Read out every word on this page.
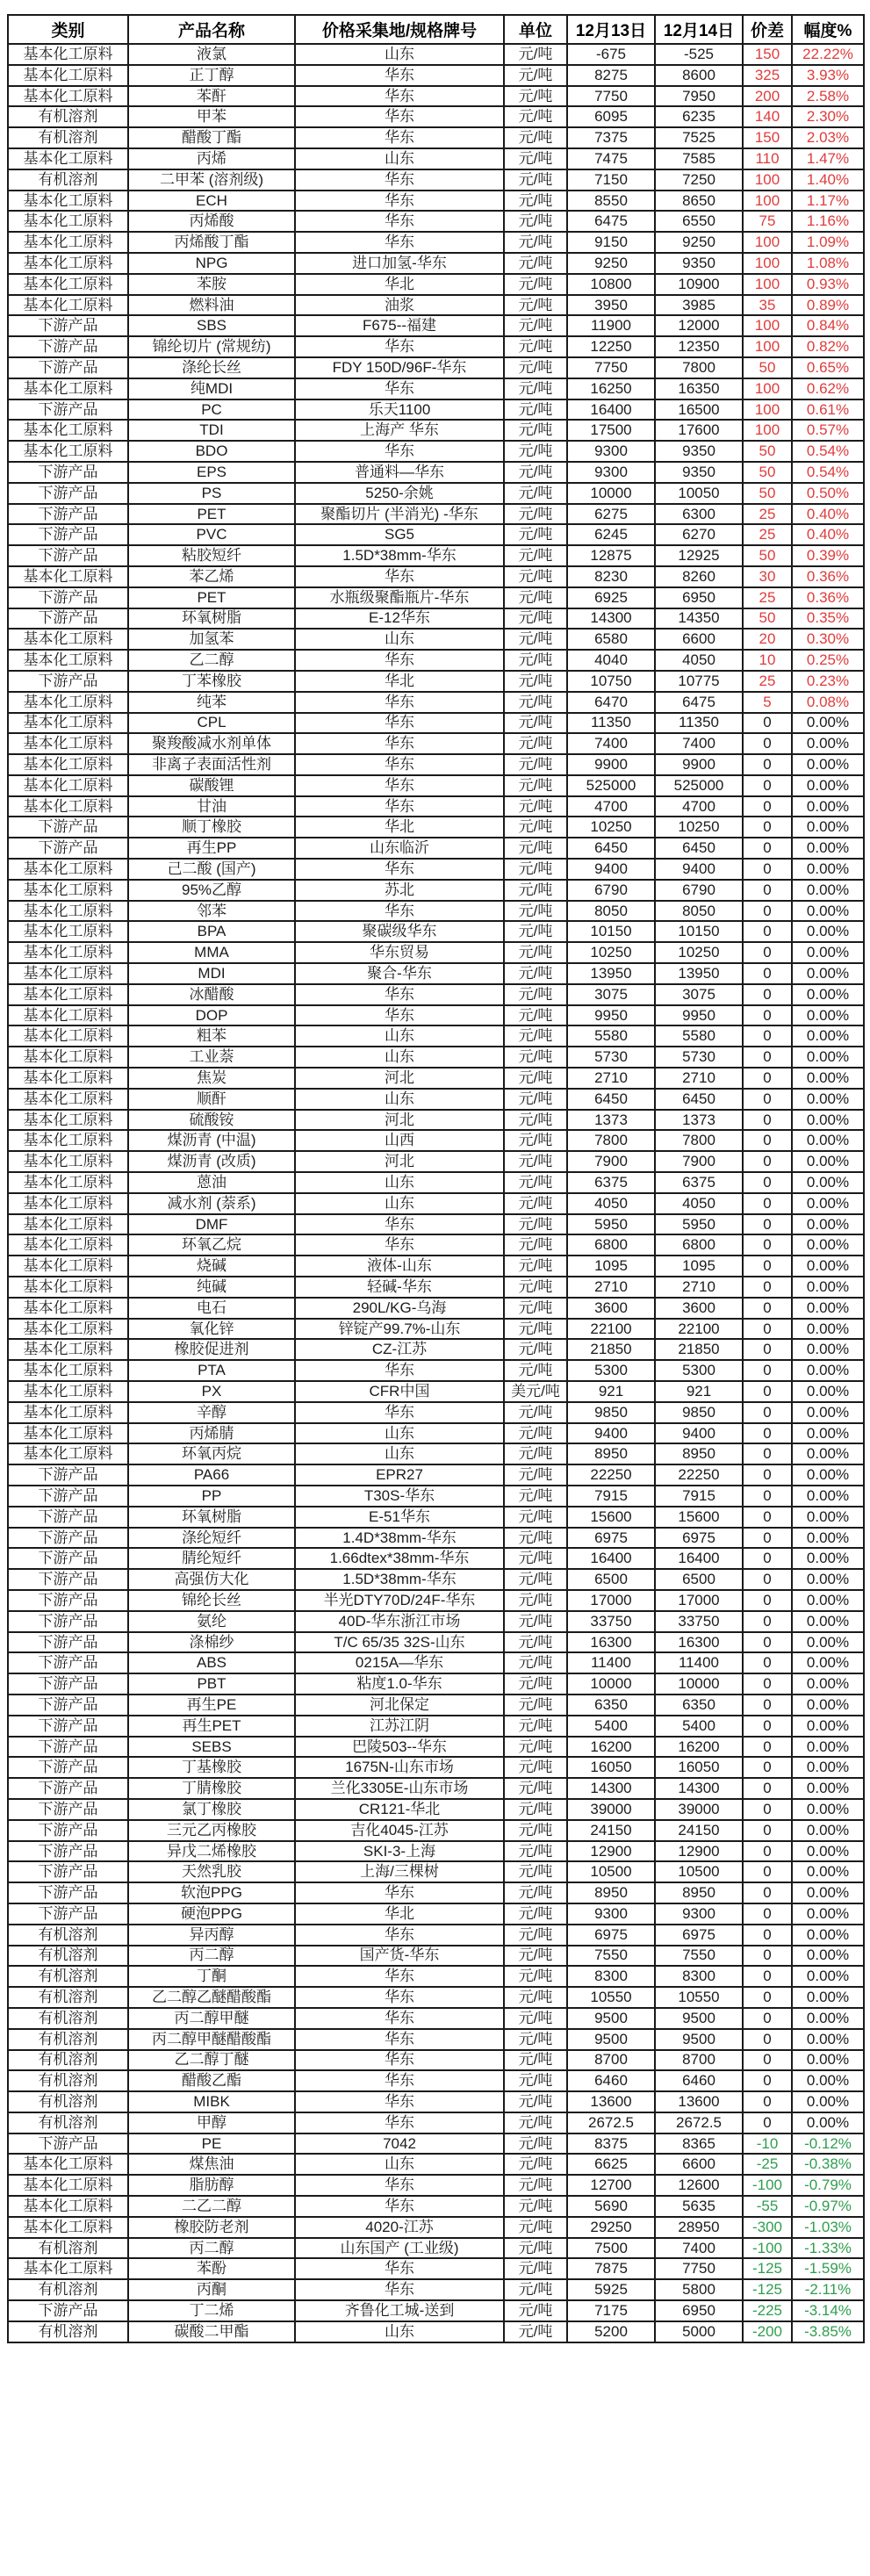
类别	产品名称	价格采集地/规格牌号	单位	12月13日	12月14日	价差	幅度%
基本化工原料	液氯	山东	元/吨	-675	-525	150	22.22%
基本化工原料	正丁醇	华东	元/吨	8275	8600	325	3.93%
基本化工原料	苯酐	华东	元/吨	7750	7950	200	2.58%
有机溶剂	甲苯	华东	元/吨	6095	6235	140	2.30%
有机溶剂	醋酸丁酯	华东	元/吨	7375	7525	150	2.03%
基本化工原料	丙烯	山东	元/吨	7475	7585	110	1.47%
有机溶剂	二甲苯 (溶剂级)	华东	元/吨	7150	7250	100	1.40%
基本化工原料	ECH	华东	元/吨	8550	8650	100	1.17%
基本化工原料	丙烯酸	华东	元/吨	6475	6550	75	1.16%
基本化工原料	丙烯酸丁酯	华东	元/吨	9150	9250	100	1.09%
基本化工原料	NPG	进口加氢-华东	元/吨	9250	9350	100	1.08%
基本化工原料	苯胺	华北	元/吨	10800	10900	100	0.93%
基本化工原料	燃料油	油浆	元/吨	3950	3985	35	0.89%
下游产品	SBS	F675--福建	元/吨	11900	12000	100	0.84%
下游产品	锦纶切片 (常规纺)	华东	元/吨	12250	12350	100	0.82%
下游产品	涤纶长丝	FDY 150D/96F-华东	元/吨	7750	7800	50	0.65%
基本化工原料	纯MDI	华东	元/吨	16250	16350	100	0.62%
下游产品	PC	乐天1100	元/吨	16400	16500	100	0.61%
基本化工原料	TDI	上海产 华东	元/吨	17500	17600	100	0.57%
基本化工原料	BDO	华东	元/吨	9300	9350	50	0.54%
下游产品	EPS	普通料—华东	元/吨	9300	9350	50	0.54%
下游产品	PS	5250-余姚	元/吨	10000	10050	50	0.50%
下游产品	PET	聚酯切片 (半消光) -华东	元/吨	6275	6300	25	0.40%
下游产品	PVC	SG5	元/吨	6245	6270	25	0.40%
下游产品	粘胶短纤	1.5D*38mm-华东	元/吨	12875	12925	50	0.39%
基本化工原料	苯乙烯	华东	元/吨	8230	8260	30	0.36%
下游产品	PET	水瓶级聚酯瓶片-华东	元/吨	6925	6950	25	0.36%
下游产品	环氧树脂	E-12华东	元/吨	14300	14350	50	0.35%
基本化工原料	加氢苯	山东	元/吨	6580	6600	20	0.30%
基本化工原料	乙二醇	华东	元/吨	4040	4050	10	0.25%
下游产品	丁苯橡胶	华北	元/吨	10750	10775	25	0.23%
基本化工原料	纯苯	华东	元/吨	6470	6475	5	0.08%
基本化工原料	CPL	华东	元/吨	11350	11350	0	0.00%
基本化工原料	聚羧酸减水剂单体	华东	元/吨	7400	7400	0	0.00%
基本化工原料	非离子表面活性剂	华东	元/吨	9900	9900	0	0.00%
基本化工原料	碳酸锂	华东	元/吨	525000	525000	0	0.00%
基本化工原料	甘油	华东	元/吨	4700	4700	0	0.00%
下游产品	顺丁橡胶	华北	元/吨	10250	10250	0	0.00%
下游产品	再生PP	山东临沂	元/吨	6450	6450	0	0.00%
基本化工原料	己二酸 (国产)	华东	元/吨	9400	9400	0	0.00%
基本化工原料	95%乙醇	苏北	元/吨	6790	6790	0	0.00%
基本化工原料	邻苯	华东	元/吨	8050	8050	0	0.00%
基本化工原料	BPA	聚碳级华东	元/吨	10150	10150	0	0.00%
基本化工原料	MMA	华东贸易	元/吨	10250	10250	0	0.00%
基本化工原料	MDI	聚合-华东	元/吨	13950	13950	0	0.00%
基本化工原料	冰醋酸	华东	元/吨	3075	3075	0	0.00%
基本化工原料	DOP	华东	元/吨	9950	9950	0	0.00%
基本化工原料	粗苯	山东	元/吨	5580	5580	0	0.00%
基本化工原料	工业萘	山东	元/吨	5730	5730	0	0.00%
基本化工原料	焦炭	河北	元/吨	2710	2710	0	0.00%
基本化工原料	顺酐	山东	元/吨	6450	6450	0	0.00%
基本化工原料	硫酸铵	河北	元/吨	1373	1373	0	0.00%
基本化工原料	煤沥青 (中温)	山西	元/吨	7800	7800	0	0.00%
基本化工原料	煤沥青 (改质)	河北	元/吨	7900	7900	0	0.00%
基本化工原料	蒽油	山东	元/吨	6375	6375	0	0.00%
基本化工原料	减水剂 (萘系)	山东	元/吨	4050	4050	0	0.00%
基本化工原料	DMF	华东	元/吨	5950	5950	0	0.00%
基本化工原料	环氧乙烷	华东	元/吨	6800	6800	0	0.00%
基本化工原料	烧碱	液体-山东	元/吨	1095	1095	0	0.00%
基本化工原料	纯碱	轻碱-华东	元/吨	2710	2710	0	0.00%
基本化工原料	电石	290L/KG-乌海	元/吨	3600	3600	0	0.00%
基本化工原料	氧化锌	锌锭产99.7%-山东	元/吨	22100	22100	0	0.00%
基本化工原料	橡胶促进剂	CZ-江苏	元/吨	21850	21850	0	0.00%
基本化工原料	PTA	华东	元/吨	5300	5300	0	0.00%
基本化工原料	PX	CFR中国	美元/吨	921	921	0	0.00%
基本化工原料	辛醇	华东	元/吨	9850	9850	0	0.00%
基本化工原料	丙烯腈	山东	元/吨	9400	9400	0	0.00%
基本化工原料	环氧丙烷	山东	元/吨	8950	8950	0	0.00%
下游产品	PA66	EPR27	元/吨	22250	22250	0	0.00%
下游产品	PP	T30S-华东	元/吨	7915	7915	0	0.00%
下游产品	环氧树脂	E-51华东	元/吨	15600	15600	0	0.00%
下游产品	涤纶短纤	1.4D*38mm-华东	元/吨	6975	6975	0	0.00%
下游产品	腈纶短纤	1.66dtex*38mm-华东	元/吨	16400	16400	0	0.00%
下游产品	高强仿大化	1.5D*38mm-华东	元/吨	6500	6500	0	0.00%
下游产品	锦纶长丝	半光DTY70D/24F-华东	元/吨	17000	17000	0	0.00%
下游产品	氨纶	40D-华东浙江市场	元/吨	33750	33750	0	0.00%
下游产品	涤棉纱	T/C 65/35 32S-山东	元/吨	16300	16300	0	0.00%
下游产品	ABS	0215A—华东	元/吨	11400	11400	0	0.00%
下游产品	PBT	粘度1.0-华东	元/吨	10000	10000	0	0.00%
下游产品	再生PE	河北保定	元/吨	6350	6350	0	0.00%
下游产品	再生PET	江苏江阴	元/吨	5400	5400	0	0.00%
下游产品	SEBS	巴陵503--华东	元/吨	16200	16200	0	0.00%
下游产品	丁基橡胶	1675N-山东市场	元/吨	16050	16050	0	0.00%
下游产品	丁腈橡胶	兰化3305E-山东市场	元/吨	14300	14300	0	0.00%
下游产品	氯丁橡胶	CR121-华北	元/吨	39000	39000	0	0.00%
下游产品	三元乙丙橡胶	吉化4045-江苏	元/吨	24150	24150	0	0.00%
下游产品	异戊二烯橡胶	SKI-3-上海	元/吨	12900	12900	0	0.00%
下游产品	天然乳胶	上海/三棵树	元/吨	10500	10500	0	0.00%
下游产品	软泡PPG	华东	元/吨	8950	8950	0	0.00%
下游产品	硬泡PPG	华北	元/吨	9300	9300	0	0.00%
有机溶剂	异丙醇	华东	元/吨	6975	6975	0	0.00%
有机溶剂	丙二醇	国产货-华东	元/吨	7550	7550	0	0.00%
有机溶剂	丁酮	华东	元/吨	8300	8300	0	0.00%
有机溶剂	乙二醇乙醚醋酸酯	华东	元/吨	10550	10550	0	0.00%
有机溶剂	丙二醇甲醚	华东	元/吨	9500	9500	0	0.00%
有机溶剂	丙二醇甲醚醋酸酯	华东	元/吨	9500	9500	0	0.00%
有机溶剂	乙二醇丁醚	华东	元/吨	8700	8700	0	0.00%
有机溶剂	醋酸乙酯	华东	元/吨	6460	6460	0	0.00%
有机溶剂	MIBK	华东	元/吨	13600	13600	0	0.00%
有机溶剂	甲醇	华东	元/吨	2672.5	2672.5	0	0.00%
下游产品	PE	7042	元/吨	8375	8365	-10	-0.12%
基本化工原料	煤焦油	山东	元/吨	6625	6600	-25	-0.38%
基本化工原料	脂肪醇	华东	元/吨	12700	12600	-100	-0.79%
基本化工原料	二乙二醇	华东	元/吨	5690	5635	-55	-0.97%
基本化工原料	橡胶防老剂	4020-江苏	元/吨	29250	28950	-300	-1.03%
有机溶剂	丙二醇	山东国产 (工业级)	元/吨	7500	7400	-100	-1.33%
基本化工原料	苯酚	华东	元/吨	7875	7750	-125	-1.59%
有机溶剂	丙酮	华东	元/吨	5925	5800	-125	-2.11%
下游产品	丁二烯	齐鲁化工城-送到	元/吨	7175	6950	-225	-3.14%
有机溶剂	碳酸二甲酯	山东	元/吨	5200	5000	-200	-3.85%
